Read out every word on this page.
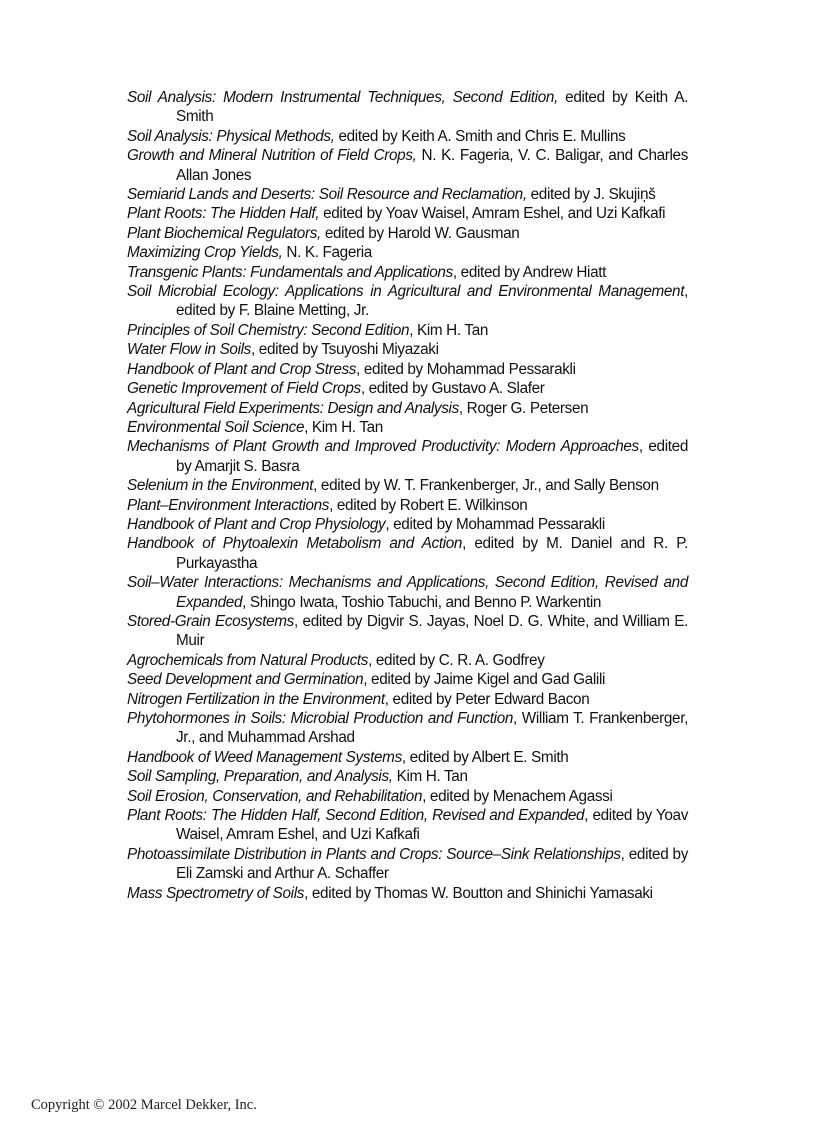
Soil Analysis: Modern Instrumental Techniques, Second Edition, edited by Keith A. Smith
Soil Analysis: Physical Methods, edited by Keith A. Smith and Chris E. Mullins
Growth and Mineral Nutrition of Field Crops, N. K. Fageria, V. C. Baligar, and Charles Allan Jones
Semiarid Lands and Deserts: Soil Resource and Reclamation, edited by J. Skujiņš
Plant Roots: The Hidden Half, edited by Yoav Waisel, Amram Eshel, and Uzi Kafkafi
Plant Biochemical Regulators, edited by Harold W. Gausman
Maximizing Crop Yields, N. K. Fageria
Transgenic Plants: Fundamentals and Applications, edited by Andrew Hiatt
Soil Microbial Ecology: Applications in Agricultural and Environmental Management, edited by F. Blaine Metting, Jr.
Principles of Soil Chemistry: Second Edition, Kim H. Tan
Water Flow in Soils, edited by Tsuyoshi Miyazaki
Handbook of Plant and Crop Stress, edited by Mohammad Pessarakli
Genetic Improvement of Field Crops, edited by Gustavo A. Slafer
Agricultural Field Experiments: Design and Analysis, Roger G. Petersen
Environmental Soil Science, Kim H. Tan
Mechanisms of Plant Growth and Improved Productivity: Modern Approaches, edited by Amarjit S. Basra
Selenium in the Environment, edited by W. T. Frankenberger, Jr., and Sally Benson
Plant–Environment Interactions, edited by Robert E. Wilkinson
Handbook of Plant and Crop Physiology, edited by Mohammad Pessarakli
Handbook of Phytoalexin Metabolism and Action, edited by M. Daniel and R. P. Purkayastha
Soil–Water Interactions: Mechanisms and Applications, Second Edition, Revised and Expanded, Shingo Iwata, Toshio Tabuchi, and Benno P. Warkentin
Stored-Grain Ecosystems, edited by Digvir S. Jayas, Noel D. G. White, and William E. Muir
Agrochemicals from Natural Products, edited by C. R. A. Godfrey
Seed Development and Germination, edited by Jaime Kigel and Gad Galili
Nitrogen Fertilization in the Environment, edited by Peter Edward Bacon
Phytohormones in Soils: Microbial Production and Function, William T. Frankenberger, Jr., and Muhammad Arshad
Handbook of Weed Management Systems, edited by Albert E. Smith
Soil Sampling, Preparation, and Analysis, Kim H. Tan
Soil Erosion, Conservation, and Rehabilitation, edited by Menachem Agassi
Plant Roots: The Hidden Half, Second Edition, Revised and Expanded, edited by Yoav Waisel, Amram Eshel, and Uzi Kafkafi
Photoassimilate Distribution in Plants and Crops: Source–Sink Relationships, edited by Eli Zamski and Arthur A. Schaffer
Mass Spectrometry of Soils, edited by Thomas W. Boutton and Shinichi Yamasaki
Copyright © 2002 Marcel Dekker, Inc.
